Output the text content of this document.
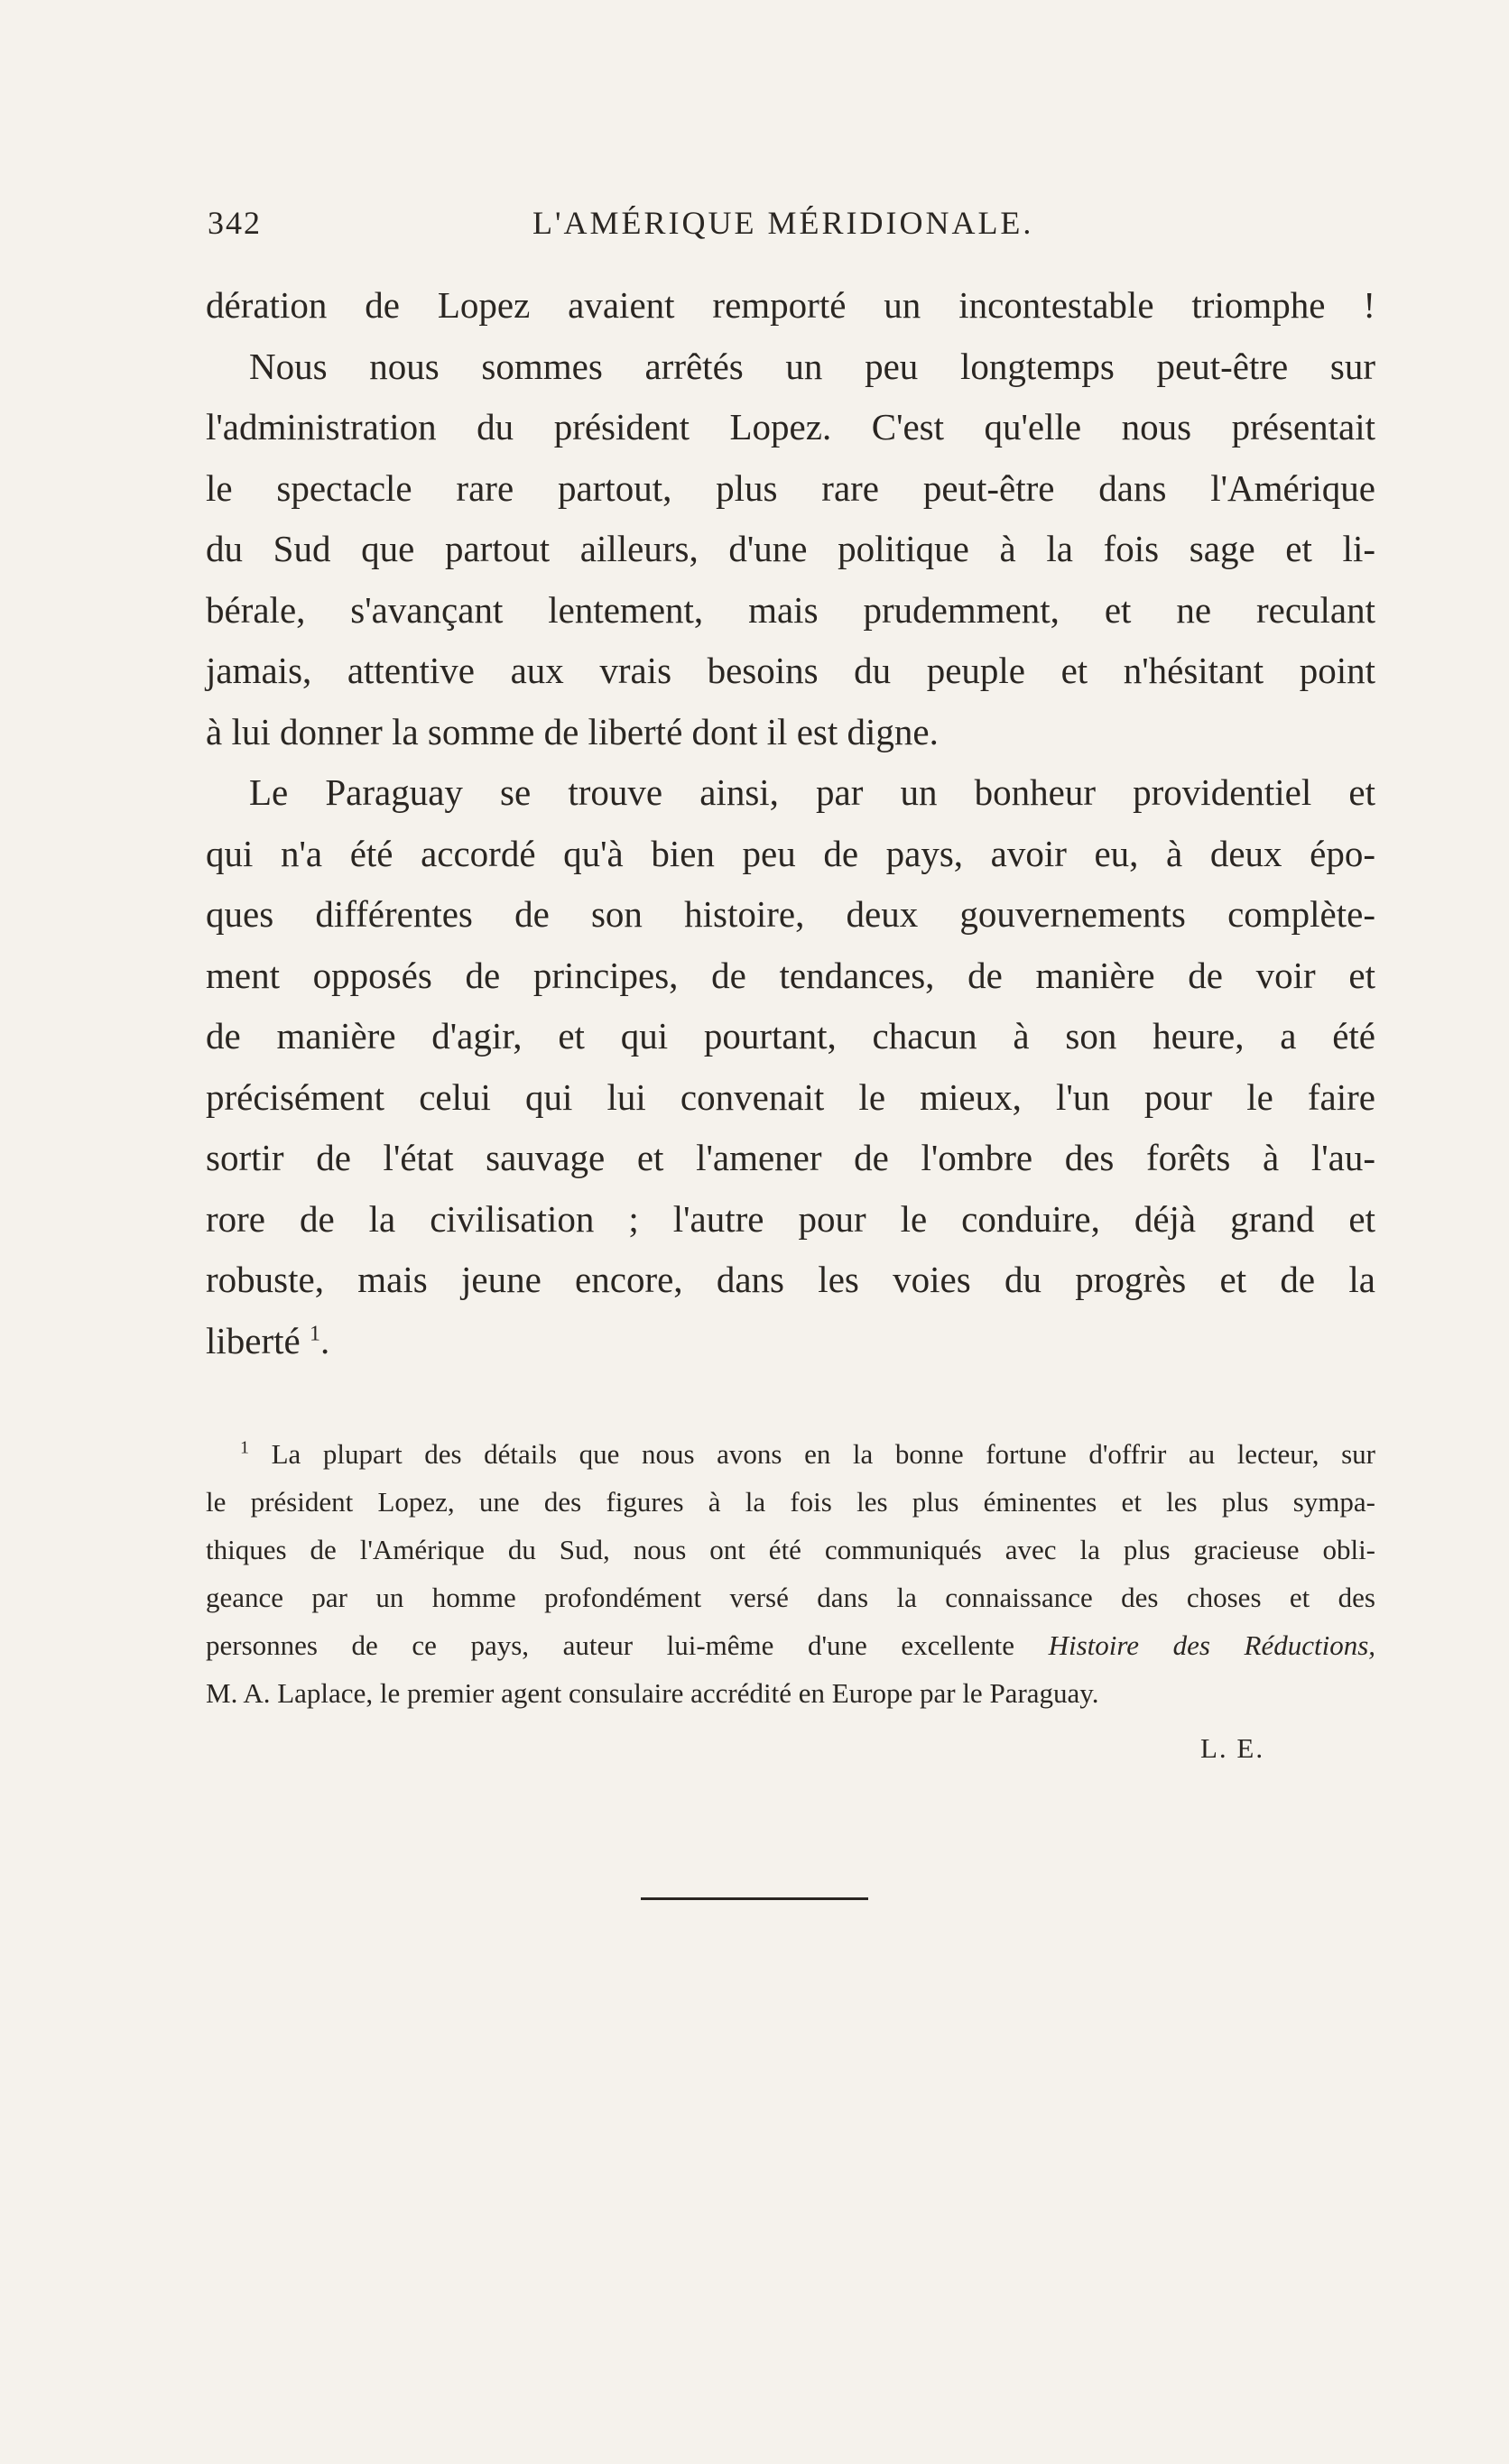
342	L'AMÉRIQUE MÉRIDIONALE.
dération de Lopez avaient remporté un incontestable triomphe !
Nous nous sommes arrêtés un peu longtemps peut-être sur
l'administration du président Lopez. C'est qu'elle nous présentait
le spectacle rare partout, plus rare peut-être dans l'Amérique
du Sud que partout ailleurs, d'une politique à la fois sage et li-
bérale, s'avançant lentement, mais prudemment, et ne reculant
jamais, attentive aux vrais besoins du peuple et n'hésitant point
à lui donner la somme de liberté dont il est digne.
Le Paraguay se trouve ainsi, par un bonheur providentiel et
qui n'a été accordé qu'à bien peu de pays, avoir eu, à deux épo-
ques différentes de son histoire, deux gouvernements complète-
ment opposés de principes, de tendances, de manière de voir et
de manière d'agir, et qui pourtant, chacun à son heure, a été
précisément celui qui lui convenait le mieux, l'un pour le faire
sortir de l'état sauvage et l'amener de l'ombre des forêts à l'au-
rore de la civilisation ; l'autre pour le conduire, déjà grand et
robuste, mais jeune encore, dans les voies du progrès et de la
liberté $^1$.
$^1$ La plupart des détails que nous avons en la bonne fortune d'offrir au lecteur, sur
le président Lopez, une des figures à la fois les plus éminentes et les plus sympa-
thiques de l'Amérique du Sud, nous ont été communiqués avec la plus gracieuse obli-
geance par un homme profondément versé dans la connaissance des choses et des
personnes de ce pays, auteur lui-même d'une excellente Histoire des Réductions,
M. A. Laplace, le premier agent consulaire accrédité en Europe par le Paraguay.
L. E.
